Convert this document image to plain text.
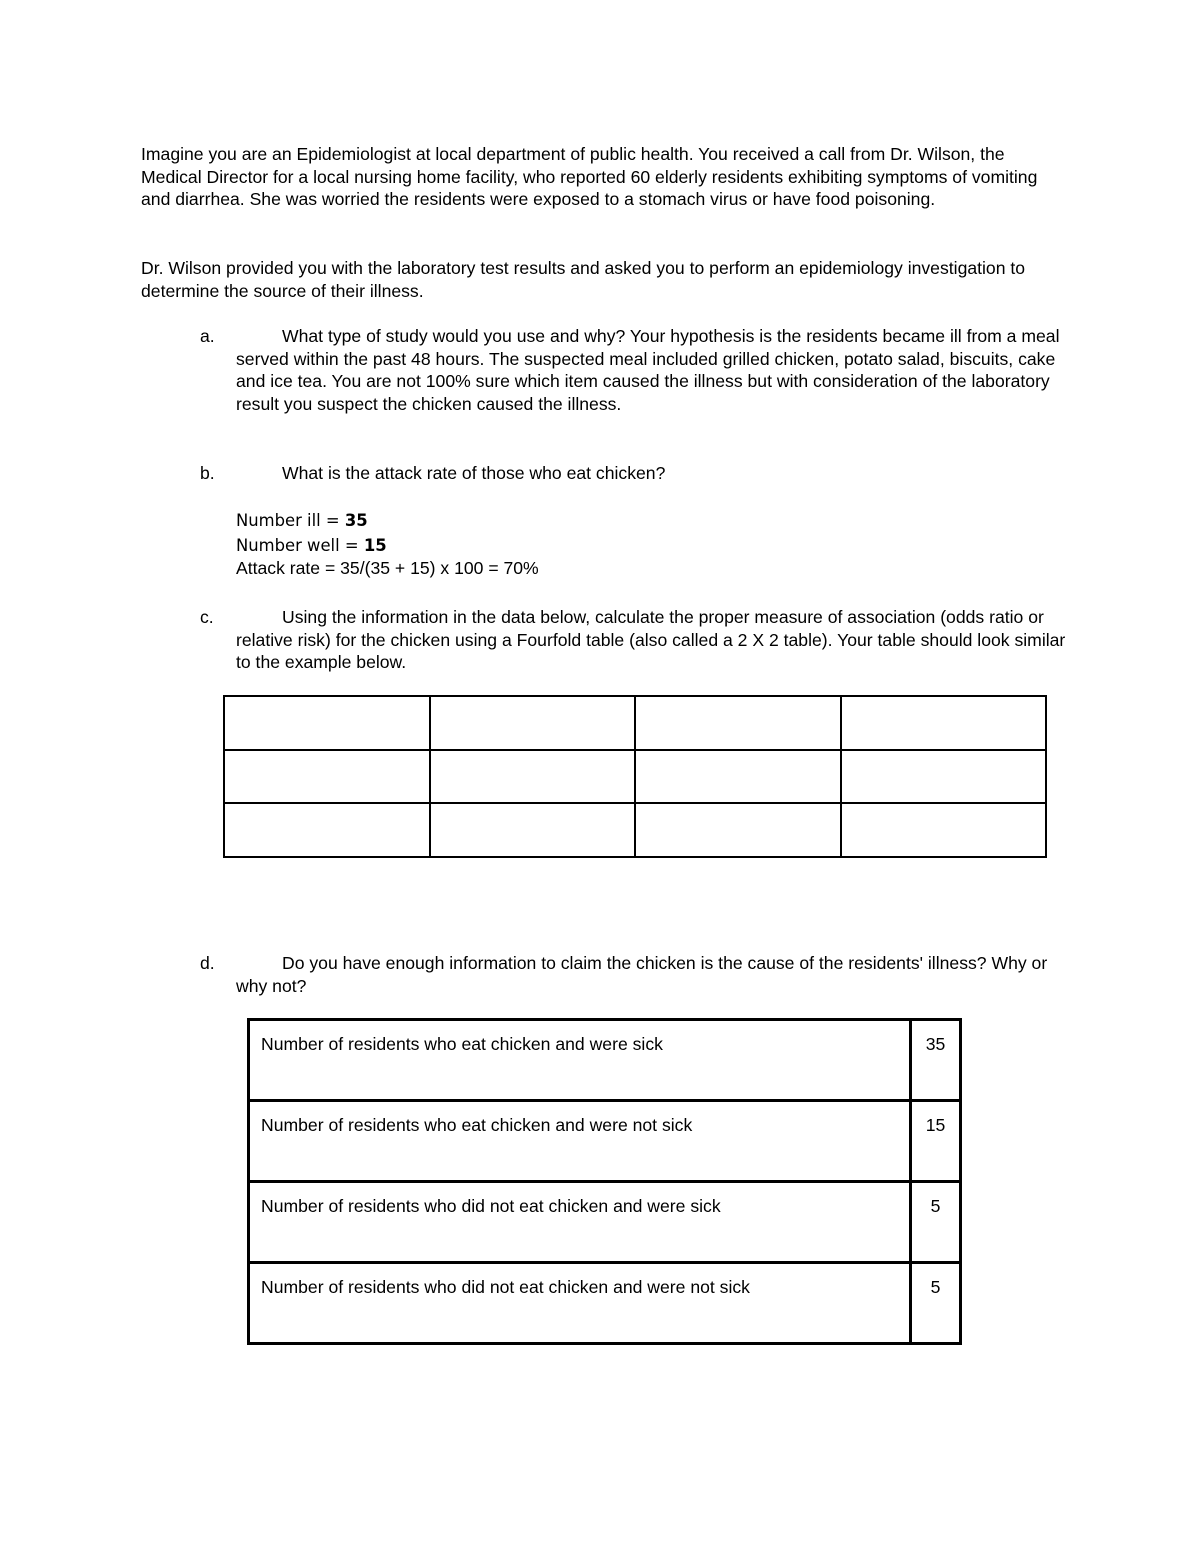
Imagine you are an Epidemiologist at local department of public health. You received a call from Dr. Wilson, the Medical Director for a local nursing home facility, who reported 60 elderly residents exhibiting symptoms of vomiting and diarrhea. She was worried the residents were exposed to a stomach virus or have food poisoning.

Dr. Wilson provided you with the laboratory test results and asked you to perform an epidemiology investigation to determine the source of their illness.

a.	What type of study would you use and why? Your hypothesis is the residents became ill from a meal served within the past 48 hours. The suspected meal included grilled chicken, potato salad, biscuits, cake and ice tea. You are not 100% sure which item caused the illness but with consideration of the laboratory result you suspect the chicken caused the illness.
b.	What is the attack rate of those who eat chicken?
Number ill = 35
Number well = 15
Attack rate = 35/(35 + 15) x 100 = 70%
c.	Using the information in the data below, calculate the proper measure of association (odds ratio or relative risk) for the chicken using a Fourfold table (also called a 2 X 2 table). Your table should look similar to the example below.

d.	Do you have enough information to claim the chicken is the cause of the residents' illness? Why or why not?
Number of residents who eat chicken and were sick	35
Number of residents who eat chicken and were not sick	15
Number of residents who did not eat chicken and were sick	5
Number of residents who did not eat chicken and were not sick	5
